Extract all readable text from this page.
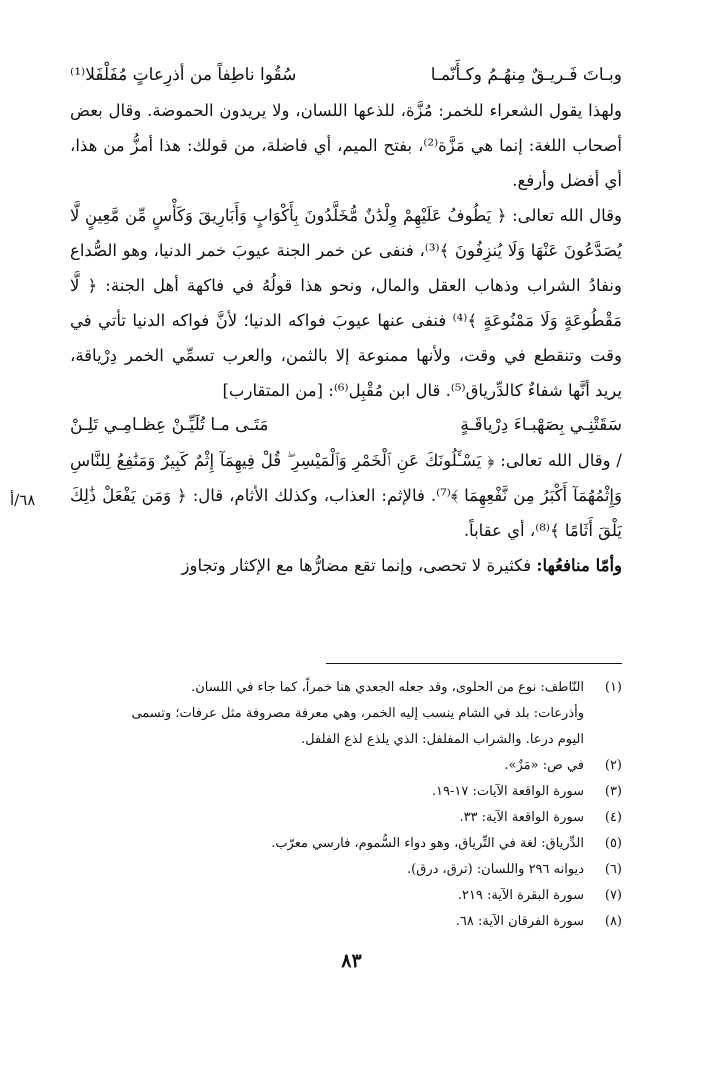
وبـاتَ فَـريـقٌ مِنهُـمُ وكـأَنّمـا
سُقُوا ناطِفاً من أذرِعاتٍ مُفَلْفَلا⁽¹⁾

ولهذا يقول الشعراء للخمر: مُزَّة، للذعها اللسان، ولا يريدون الحموضة. وقال بعض أصحاب اللغة: إنما هي مَزَّة⁽²⁾، بفتح الميم، أي فاضلة، من قولك: هذا أمزُّ من هذا، أي أفضل وأرفع.

وقال الله تعالى: ﴿ يَطُوفُ عَلَيْهِمْ وِلْدَٰنٌ مُّخَلَّدُونَ بِأَكْوَابٍ وَأَبَارِيقَ وَكَأْسٍ مِّن مَّعِينٍ لَّا يُصَدَّعُونَ عَنْهَا وَلَا يُنزِفُونَ ﴾⁽³⁾، فنفى عن خمر الجنة عيوبَ خمر الدنيا، وهو الصُّداع ونفادُ الشراب وذهاب العقل والمال، ونحو هذا قولُهُ في فاكهة أهل الجنة: ﴿ لَّا مَقْطُوعَةٍ وَلَا مَمْنُوعَةٍ ﴾⁽⁴⁾ فنفى عنها عيوبَ فواكه الدنيا؛ لأنَّ فواكه الدنيا تأتي في وقت وتنقطع في وقت، ولأنها ممنوعة إلا بالثمن، والعرب تسمِّي الخمر دِرْياقة، يريد أنَّها شفاءٌ كالدِّرياق⁽⁵⁾. قال ابن مُقْبِل⁽⁶⁾: [من المتقارب]

سَقَتْنِـي بِصَهْبـاءَ دِرْياقَـةٍ
مَتَـى مـا تُلَيِّـنْ عِظـامِـي تَلِـنْ

/ وقال الله تعالى: ﴿ يَسْـَٔلُونَكَ عَنِ ٱلْخَمْرِ وَٱلْمَيْسِرِ ۖ قُلْ فِيهِمَآ إِثْمٌ كَبِيرٌ وَمَنَٰفِعُ لِلنَّاسِ وَإِثْمُهُمَآ أَكْبَرُ مِن نَّفْعِهِمَا ﴾⁽⁷⁾. فالإثم: العذاب، وكذلك الأثام، قال: ﴿ وَمَن يَفْعَلْ ذَٰلِكَ يَلْقَ أَثَامًا ﴾⁽⁸⁾، أي عقاباً.

وأمّا منافعُها: فكثيرة لا تحصى، وإنما تقع مضارُّها مع الإكثار وتجاوز

٦٨/أ
(١)
النّاطف: نوع من الحلوى، وقد جعله الجعدي هنا خمراً، كما جاء في اللسان.
وأذرعات: بلد في الشام ينسب إليه الخمر، وهي معرفة مصروفة مثل عرفات؛ وتسمى اليوم درعا. والشراب المفلفل: الذي يلذع لذع الفلفل.
(٢)
في ص: «مَزٌ».
(٣)
سورة الواقعة الآيات: ١٧-١٩.
(٤)
سورة الواقعة الآية: ٣٣.
(٥)
الدِّرياق: لغة في التِّرياق، وهو دواء السُّموم، فارسي معرّب.
(٦)
ديوانه ٢٩٦ واللسان: (ترق، درق).
(٧)
سورة البقرة الآية: ٢١٩.
(٨)
سورة الفرقان الآية: ٦٨.
٨٣
